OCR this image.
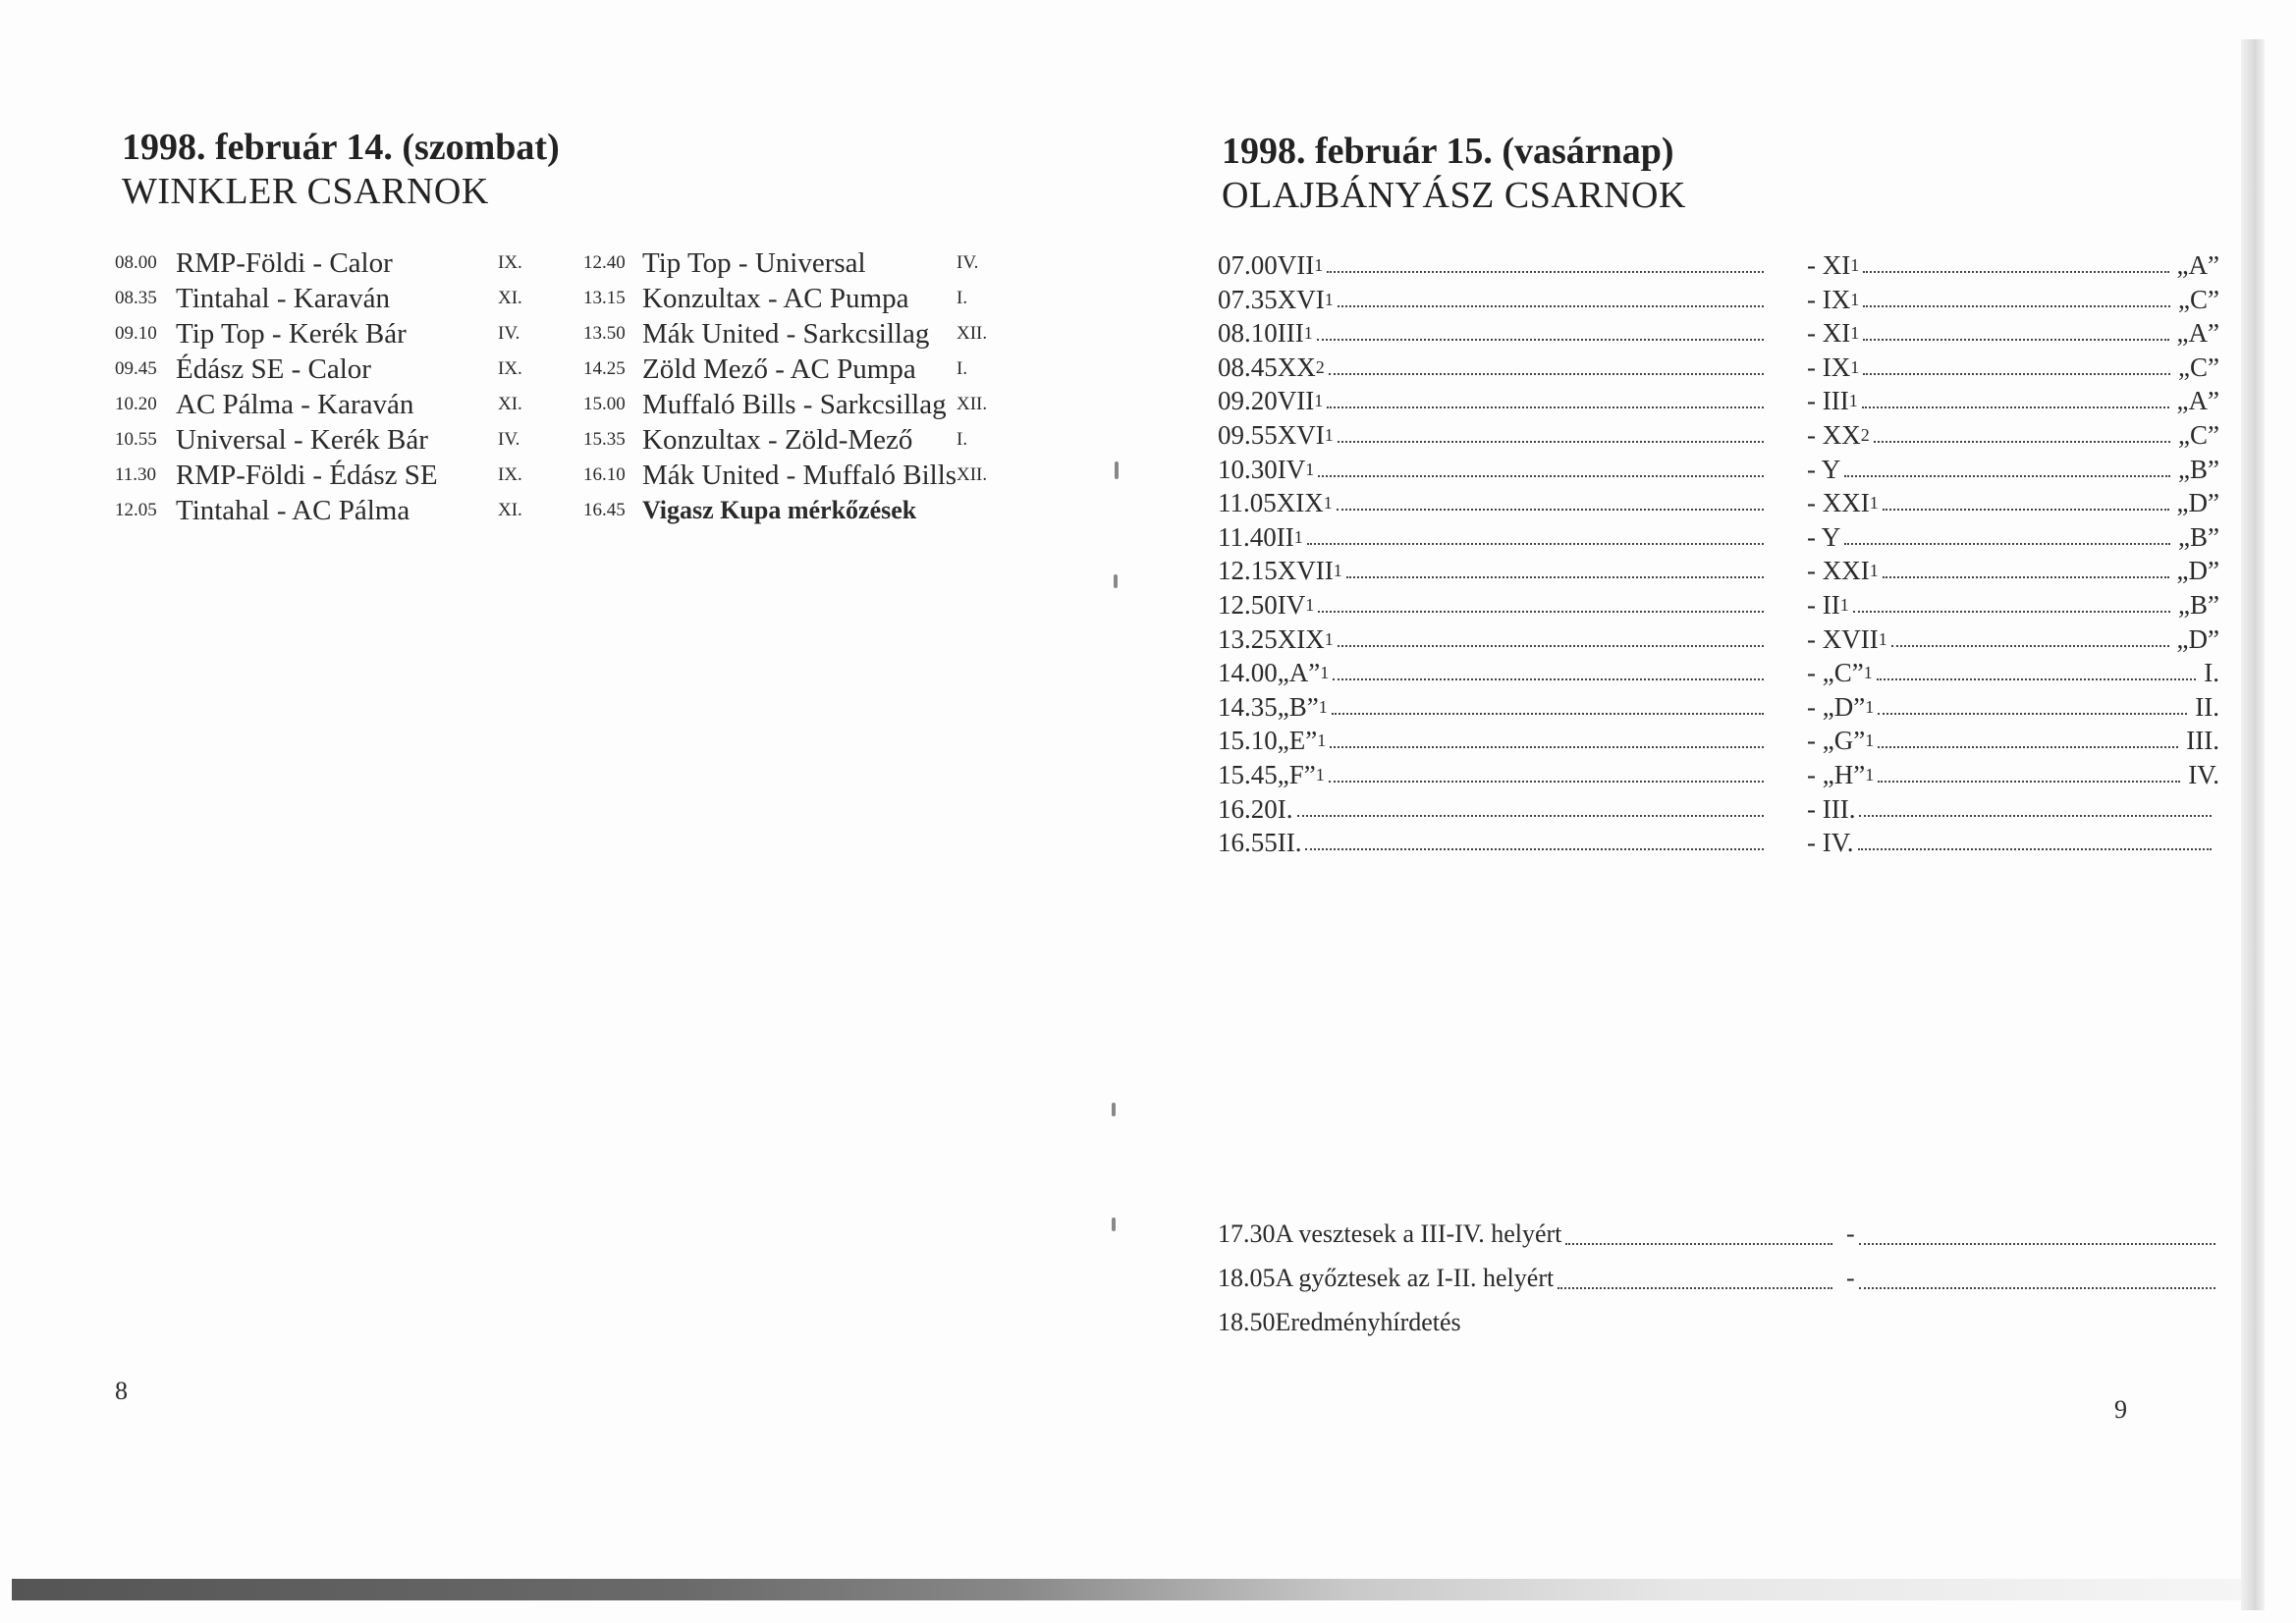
1998. február 14. (szombat)
WINKLER CSARNOK
08.00 RMP-Földi - Calor	IX.
08.35 Tintahal - Karaván	XI.
09.10 Tip Top - Kerék Bár	IV.
09.45 Édász SE - Calor	IX.
10.20 AC Pálma - Karaván	XI.
10.55 Universal - Kerék Bár	IV.
11.30 RMP-Földi - Édász SE	IX.
12.05 Tintahal - AC Pálma	XI.
12.40 Tip Top - Universal	IV.
13.15 Konzultax - AC Pumpa	I.
13.50 Mák United - Sarkcsillag XII.
14.25 Zöld Mező - AC Pumpa I.
15.00 Muffaló Bills - Sarkcsillag XII.
15.35 Konzultax - Zöld-Mező I.
16.10 Mák United - Muffaló Bills XII.
16.45 Vigasz Kupa mérkőzések
8
1998. február 15. (vasárnap)
OLAJBÁNYÁSZ CSARNOK
07.00 VII 1	- XI 1	„A”
07.35 XVI 1	- IX 1	„C”
08.10 III 1	- XI 1	„A”
08.45 XX 2	- IX 1	„C”
09.20 VII 1	- III 1	„A”
09.55 XVI 1	- XX 2	„C”
10.30 IV 1	- Y	„B”
11.05 XIX 1	- XXI 1	„D”
11.40 II 1	- Y	„B”
12.15 XVII 1	- XXI 1	„D”
12.50 IV 1	- II 1	„B”
13.25 XIX 1	- XVII 1	„D”
14.00 „A” 1	- „C” 1	I.
14.35 „B” 1	- „D” 1	II.
15.10 „E” 1	- „G” 1	III.
15.45 „F” 1	- „H” 1	IV.
16.20 I.	- III.
16.55 II.	- IV.
17.30 A vesztesek a III-IV. helyért	-
18.05 A győztesek az I-II. helyért	-
18.50 Eredményhírdetés
9
